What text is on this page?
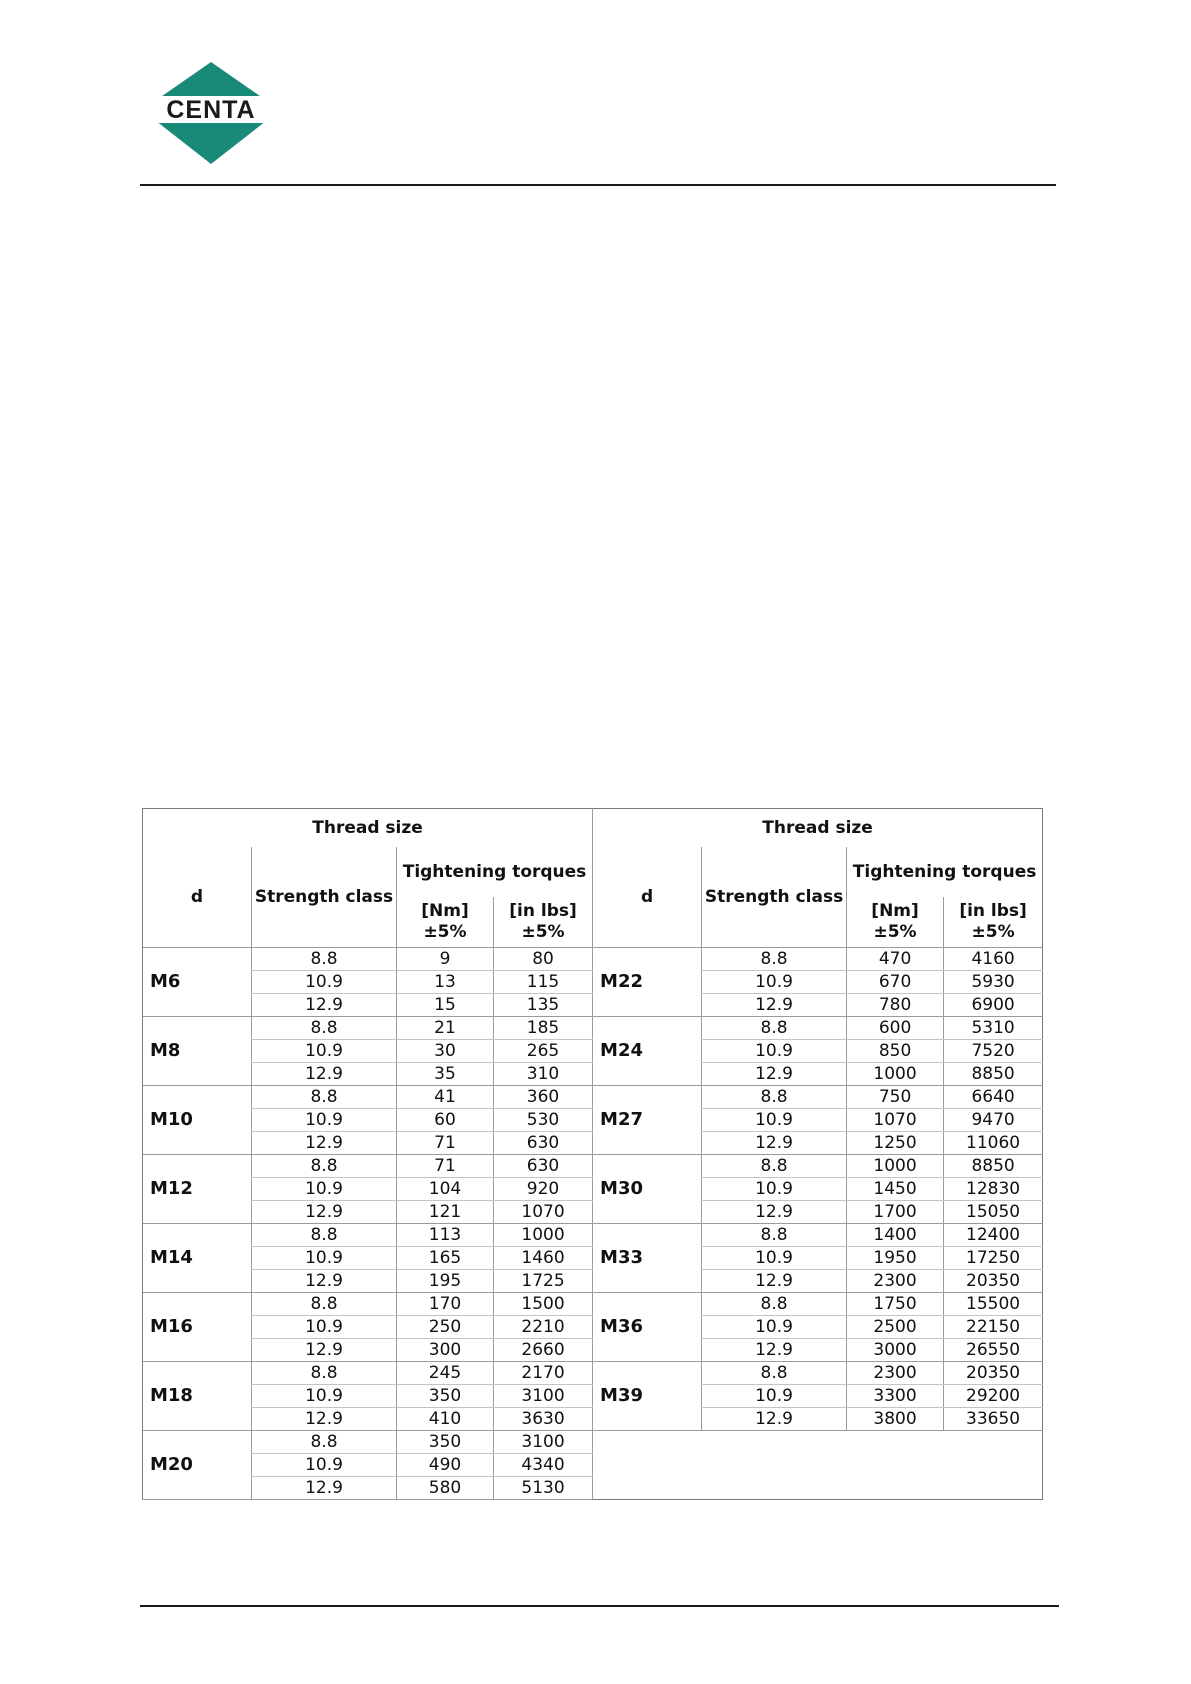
CENTA
Thread size				Thread size			
d	Strength class	Tightening torques		d	Strength class	Tightening torques	
		[Nm] ±5%	[in lbs] ±5%			[Nm] ±5%	[in lbs] ±5%
M6	8.8	9	80	M22	8.8	470	4160
	10.9	13	115		10.9	670	5930
	12.9	15	135		12.9	780	6900
M8	8.8	21	185	M24	8.8	600	5310
	10.9	30	265		10.9	850	7520
	12.9	35	310		12.9	1000	8850
M10	8.8	41	360	M27	8.8	750	6640
	10.9	60	530		10.9	1070	9470
	12.9	71	630		12.9	1250	11060
M12	8.8	71	630	M30	8.8	1000	8850
	10.9	104	920		10.9	1450	12830
	12.9	121	1070		12.9	1700	15050
M14	8.8	113	1000	M33	8.8	1400	12400
	10.9	165	1460		10.9	1950	17250
	12.9	195	1725		12.9	2300	20350
M16	8.8	170	1500	M36	8.8	1750	15500
	10.9	250	2210		10.9	2500	22150
	12.9	300	2660		12.9	3000	26550
M18	8.8	245	2170	M39	8.8	2300	20350
	10.9	350	3100		10.9	3300	29200
	12.9	410	3630		12.9	3800	33650
M20	8.8	350	3100				
	10.9	490	4340				
	12.9	580	5130				
